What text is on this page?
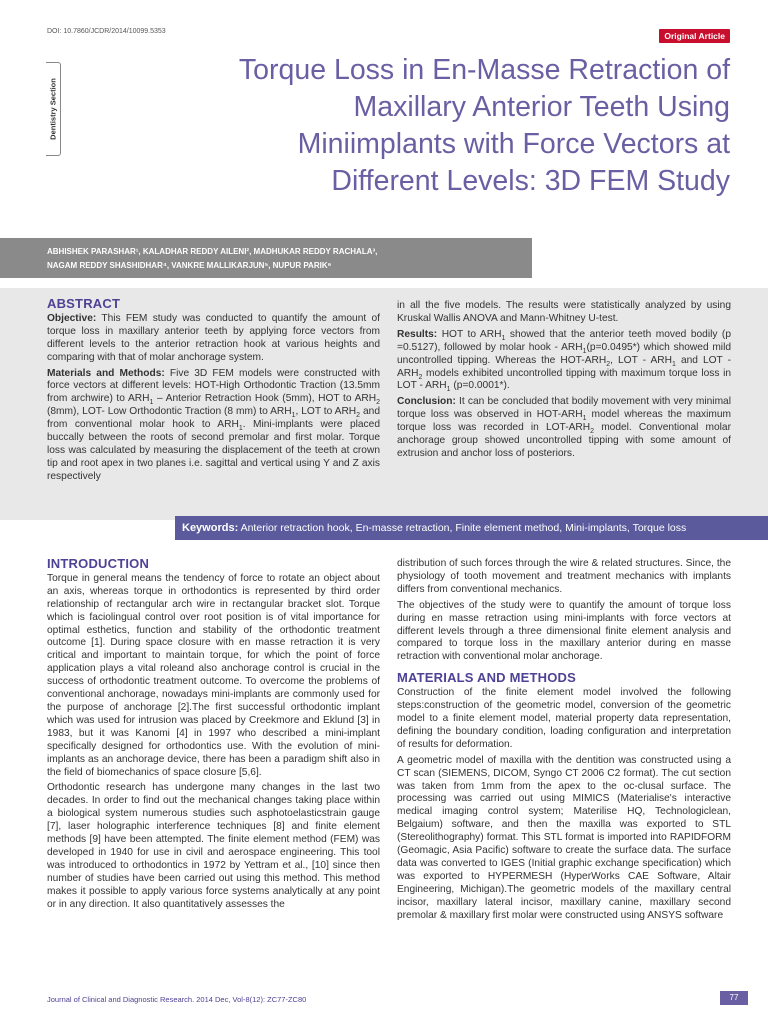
DOI: 10.7860/JCDR/2014/10099.5353	Original Article
Dentistry Section
Torque Loss in En-Masse Retraction of Maxillary Anterior Teeth Using Miniimplants with Force Vectors at Different Levels: 3D FEM Study
ABHISHEK PARASHAR¹, KALADHAR REDDY AILENI², MADHUKAR REDDY RACHALA³,
NAGAM REDDY SHASHIDHAR⁴, VANKRE MALLIKARJUN⁵, NUPUR PARIK⁶
ABSTRACT

Objective: This FEM study was conducted to quantify the amount of torque loss in maxillary anterior teeth by applying force vectors from different levels to the anterior retraction hook at various heights and comparing with that of molar anchorage system.

Materials and Methods: Five 3D FEM models were constructed with force vectors at different levels: HOT-High Orthodontic Traction (13.5mm from archwire) to $ARH_1$ – Anterior Retraction Hook (5mm), HOT to $ARH_2$ (8mm), LOT- Low Orthodontic Traction (8 mm) to $ARH_1$, LOT to $ARH_2$ and from conventional molar hook to $ARH_1$. Mini-implants were placed buccally between the roots of second premolar and first molar. Torque loss was calculated by measuring the displacement of the teeth at crown tip and root apex in two planes i.e. sagittal and vertical using Y and Z axis respectively

in all the five models. The results were statistically analyzed by using Kruskal Wallis ANOVA and Mann-Whitney U-test.

Results: HOT to $ARH_1$ showed that the anterior teeth moved bodily (p =0.5127), followed by molar hook - $ARH_1(p=0.0495*)$ which showed mild uncontrolled tipping. Whereas the HOT-$ARH_2$, LOT - $ARH_1$ and LOT - $ARH_2$ models exhibited uncontrolled tipping with maximum torque loss in LOT - $ARH_1$ (p=0.0001*).

Conclusion: It can be concluded that bodily movement with very minimal torque loss was observed in HOT-$ARH_1$ model whereas the maximum torque loss was recorded in LOT-$ARH_2$ model. Conventional molar anchorage group showed uncontrolled tipping with some amount of extrusion and anchor loss of posteriors.

Keywords: Anterior retraction hook, En-masse retraction, Finite element method, Mini-implants, Torque loss
INTRODUCTION

Torque in general means the tendency of force to rotate an object about an axis, whereas torque in orthodontics is represented by third order relationship of rectangular arch wire in rectangular bracket slot. Torque which is faciolingual control over root position is of vital importance for optimal esthetics, function and stability of the orthodontic treatment outcome [1]. During space closure with en masse retraction it is very critical and important to maintain torque, for which the point of force application plays a vital roleand also anchorage control is crucial in the success of orthodontic treatment outcome. To overcome the problems of conventional anchorage, nowadays mini-implants are commonly used for the purpose of anchorage [2].The first successful orthodontic implant which was used for intrusion was placed by Creekmore and Eklund [3] in 1983, but it was Kanomi [4] in 1997 who described a mini-implant specifically designed for orthodontics use. With the evolution of mini-implants as an anchorage device, there has been a paradigm shift also in the field of biomechanics of space closure [5,6].

Orthodontic research has undergone many changes in the last two decades. In order to find out the mechanical changes taking place within a biological system numerous studies such asphotoelasticstrain gauge [7], laser holographic interference techniques [8] and finite element methods [9] have been attempted. The finite element method (FEM) was developed in 1940 for use in civil and aerospace engineering. This tool was introduced to orthodontics in 1972 by Yettram et al., [10] since then number of studies have been carried out using this method. This method makes it possible to apply various force systems analytically at any point or in any direction. It also quantitatively assesses the

distribution of such forces through the wire & related structures. Since, the physiology of tooth movement and treatment mechanics with implants differs from conventional mechanics.

The objectives of the study were to quantify the amount of torque loss during en masse retraction using mini-implants with force vectors at different levels through a three dimensional finite element analysis and compared to torque loss in the maxillary anterior during en masse retraction with conventional molar anchorage.

MATERIALS AND METHODS

Construction of the finite element model involved the following steps:construction of the geometric model, conversion of the geometric model to a finite element model, material property data representation, defining the boundary condition, loading configuration and interpretation of results for deformation.

A geometric model of maxilla with the dentition was constructed using a CT scan (SIEMENS, DICOM, Syngo CT 2006 C2 format). The cut section was taken from 1mm from the apex to the oc-clusal surface. The processing was carried out using MIMICS (Materialise's interactive medical imaging control system; Materilise HQ, Technologiclean, Belgaium) software, and then the maxilla was exported to STL (Stereolithography) format. This STL format is imported into RAPIDFORM (Geomagic, Asia Pacific) software to create the surface data. The surface data was converted to IGES (Initial graphic exchange specification) which was exported to HYPERMESH (HyperWorks CAE Software, Altair Engineering, Michigan).The geometric models of the maxillary central incisor, maxillary lateral incisor, maxillary canine, maxillary second premolar & maxillary first molar were constructed using ANSYS software

Journal of Clinical and Diagnostic Research. 2014 Dec, Vol-8(12): ZC77-ZC80	77
